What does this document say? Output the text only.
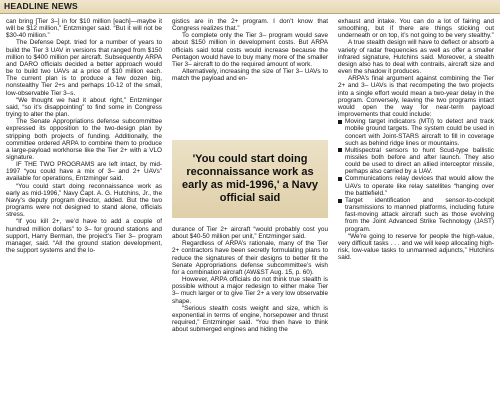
HEADLINE NEWS

can bring [Tier 3–] in for $10 million [each]—maybe it will be $12 million,” Entzminger said. “But it will not be $30-40 million.”

The Defense Dept. tried for a number of years to build the Tier 3 UAV in versions that ranged from $150 million to $400 million per aircraft. Subsequently ARPA and DARO officials decided a better approach would be to build two UAVs at a price of $10 million each. The current plan is to produce a few dozen big, nonstealthy Tier 2+s and perhaps 10-12 of the small, low-observable Tier 3–s.

“We thought we had it about right,” Entzminger said, “so it’s disappointing” to find some in Congress trying to alter the plan.

The Senate Appropriations defense subcommittee expressed its opposition to the two-design plan by stripping both projects of funding. Additionally, the committee ordered ARPA to combine them to produce a large-payload workhorse like the Tier 2+ with a VLO signature.

IF THE TWO PROGRAMS are left intact, by mid-1997 “you could have a mix of 3– and 2+ UAVs” available for operations, Entzminger said.

“You could start doing reconnaissance work as early as mid-1996,” Navy Capt. A. G. Hutchins, Jr., the Navy’s deputy program director, added. But the two programs were not designed to stand alone, officials stress.

“If you kill 2+, we’d have to add a couple of hundred million dollars” to 3– for ground stations and support, Harry Berman, the project’s Tier 3– program manager, said. “All the ground station development, the support systems and the lo-

gistics are in the 2+ program. I don’t know that Congress realizes that.”

To complete only the Tier 3– program would save about $150 million in development costs. But ARPA officials said total costs would increase because the Pentagon would have to buy many more of the smaller Tier 3– aircraft to do the required amount of work.

Alternatively, increasing the size of Tier 3– UAVs to match the payload and en-

'You could start doing reconnaissance work as early as mid-1996,' a Navy official said

durance of Tier 2+ aircraft “would probably cost you about $40-50 million per unit,” Entzminger said.

Regardless of ARPA’s rationale, many of the Tier 2+ contractors have been secretly formulating plans to reduce the signatures of their designs to better fit the Senate Appropriations defense subcommittee’s wish for a combination aircraft (AW&ST Aug. 15, p. 60).

However, ARPA officials do not think true stealth is possible without a major redesign to either make Tier 3– much larger or to give Tier 2+ a very low observable shape.

“Serious stealth costs weight and size, which is exponential in terms of engine, horsepower and thrust required,” Entzminger said. “You then have to think about submerged engines and hiding the

exhaust and intake. You can do a lot of fairing and smoothing, but if there are things sticking out underneath or on top, it’s not going to be very stealthy.”

A true stealth design will have to deflect or absorb a variety of radar frequencies as well as offer a smaller infrared signature, Hutchins said. Moreover, a stealth design also has to deal with contrails, aircraft size and even the shadow it produces.

ARPA’s final argument against combining the Tier 2+ and 3– UAVs is that recompeting the two projects into a single effort would mean a two-year delay in the program. Conversely, leaving the two programs intact would open the way for near-term payload improvements that could include:

Moving target indicators (MTI) to detect and track mobile ground targets. The system could be used in concert with Joint-STARS aircraft to fill in coverage such as behind ridge lines or mountains.
Multispectral sensors to hunt Scud-type ballistic missiles both before and after launch. They also could be used to direct an allied interceptor missile, perhaps also carried by a UAV.
Communications relay devices that would allow the UAVs to operate like relay satellites “hanging over the battlefield.”
Target identification and sensor-to-cockpit transmissions to manned platforms, including future fast-moving attack aircraft such as those evolving from the Joint Advanced Strike Technology (JAST) program.

“We’re going to reserve for people the high-value, very difficult tasks . . . and we will keep allocating high-risk, low-value tasks to unmanned adjuncts,” Hutchins said.
